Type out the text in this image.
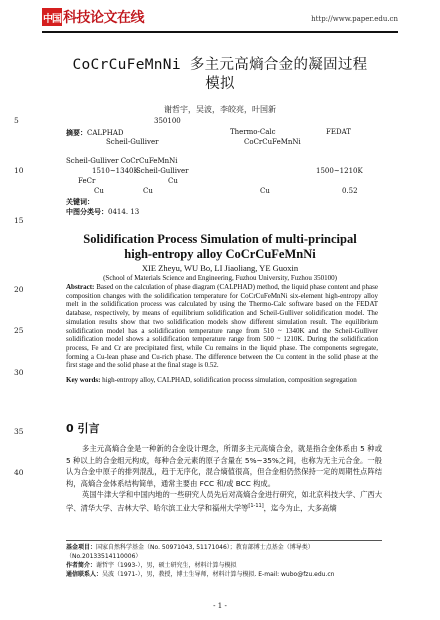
中国 科技论文在线	http://www.paper.edu.cn
CoCrCuFeMnNi 多主元高熵合金的凝固过程
模拟
谢哲宇，吴波，李皎亮，叶国新
5
10
15
20
25
30
35
40
350100
摘要：CALPHAD	Thermo-Calc	FEDAT
Scheil-Gulliver	CoCrCuFeMnNi
Scheil-Gulliver CoCrCuFeMnNi
1510~1340K
Scheil-Gulliver	1500~1210K
FeCr	Cu
Cu	Cu	Cu	0.52
关键词：
中图分类号：0414. 13
Solidification Process Simulation of multi-principal
high-entropy alloy CoCrCuFeMnNi
XIE Zheyu, WU Bo, LI Jiaoliang, YE Guoxin
(School of Materials Science and Engineering, Fuzhou University, Fuzhou 350100)
Abstract: Based on the calculation of phase diagram (CALPHAD) method, the liquid phase content and phase composition changes with the solidification temperature for CoCrCuFeMnNi six-element high-entropy alloy melt in the solidification process was calculated by using the Thermo-Calc software based on the FEDAT database, respectively, by means of equilibrium solidification and Scheil-Gulliver solidification model. The simulation results show that two solidification models show different simulation result. The equilibrium solidification model has a solidification temperature range from 510 ~ 1340K and the Scheil-Gulliver solidification model shows a solidification temperature range from 500 ~ 1210K. During the solidification process, Fe and Cr are precipitated first, while Cu remains in the liquid phase. The components segregate, forming a Cu-lean phase and Cu-rich phase. The difference between the Cu content in the solid phase at the first stage and the solid phase at the final stage is 0.52.
Key words: high-entropy alloy, CALPHAD, solidification process simulation, composition segregation
0 引言

多主元高熵合金是一种新的合金设计理念，所谓多主元高熵合金，就是指合金体系由 5 种或 5 种以上的合金组元构成，每种合金元素的原子含量在 5%~35%之间，也称为无主元合金。一般认为合金中原子的排列混乱，趋于无序化，混合熵值很高，但合金相仍然保持一定的周期性点阵结构，高熵合金体系结构简单，通常主要由 FCC 和/或 BCC 构成。

英国牛津大学和中国内地的一些研究人员先后对高熵合金进行研究，如北京科技大学、广西大学、清华大学、吉林大学、哈尔滨工业大学和福州大学等[1-11]，迄今为止，大多高熵

基金项目：国家自然科学基金（No. 50971043, 51171046）；教育部博士点基金（博导类）（No.20133514110006）
作者简介：谢哲宇（1993-），男，硕士研究生，材料计算与模拟
通信联系人：吴波（1971-），男，教授，博士生导师，材料计算与模拟. E-mail: wubo@fzu.edu.cn
- 1 -
